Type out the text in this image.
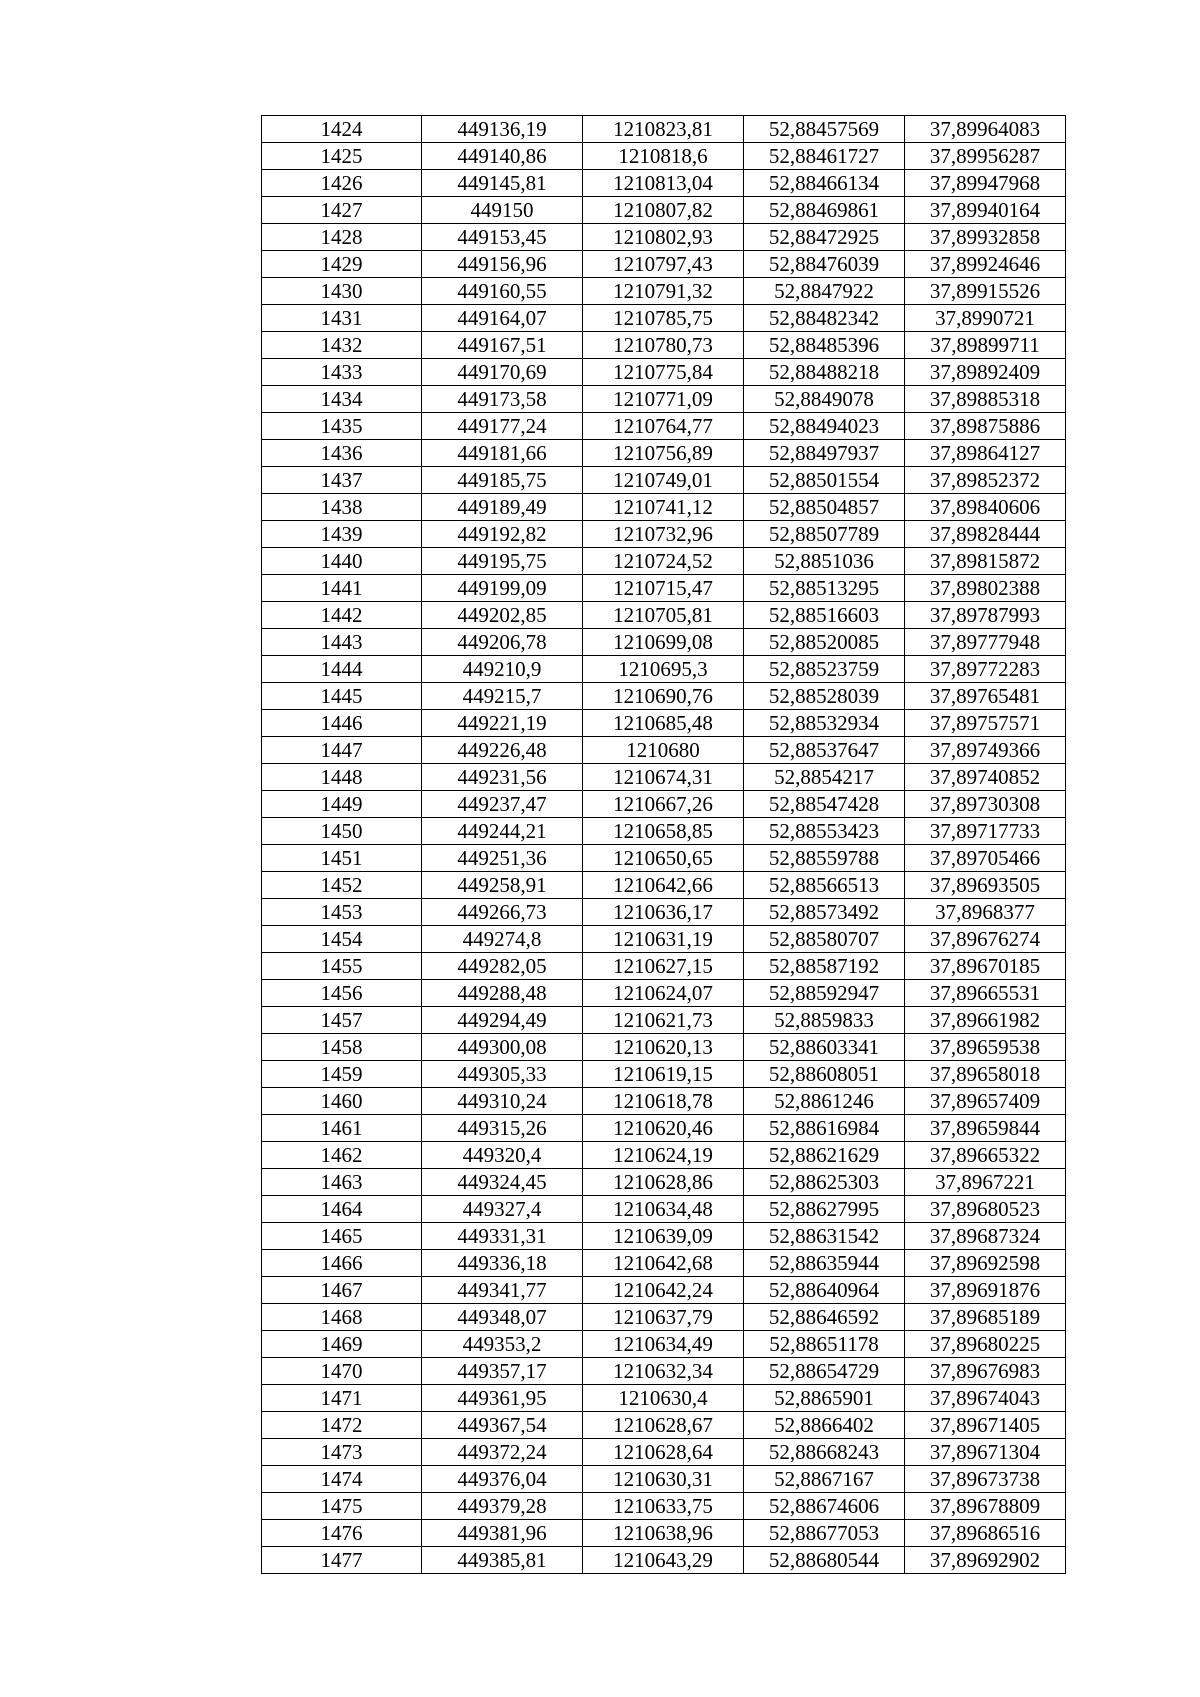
1424	449136,19	1210823,81	52,88457569	37,89964083
1425	449140,86	1210818,6	52,88461727	37,89956287
1426	449145,81	1210813,04	52,88466134	37,89947968
1427	449150	1210807,82	52,88469861	37,89940164
1428	449153,45	1210802,93	52,88472925	37,89932858
1429	449156,96	1210797,43	52,88476039	37,89924646
1430	449160,55	1210791,32	52,8847922	37,89915526
1431	449164,07	1210785,75	52,88482342	37,8990721
1432	449167,51	1210780,73	52,88485396	37,89899711
1433	449170,69	1210775,84	52,88488218	37,89892409
1434	449173,58	1210771,09	52,8849078	37,89885318
1435	449177,24	1210764,77	52,88494023	37,89875886
1436	449181,66	1210756,89	52,88497937	37,89864127
1437	449185,75	1210749,01	52,88501554	37,89852372
1438	449189,49	1210741,12	52,88504857	37,89840606
1439	449192,82	1210732,96	52,88507789	37,89828444
1440	449195,75	1210724,52	52,8851036	37,89815872
1441	449199,09	1210715,47	52,88513295	37,89802388
1442	449202,85	1210705,81	52,88516603	37,89787993
1443	449206,78	1210699,08	52,88520085	37,89777948
1444	449210,9	1210695,3	52,88523759	37,89772283
1445	449215,7	1210690,76	52,88528039	37,89765481
1446	449221,19	1210685,48	52,88532934	37,89757571
1447	449226,48	1210680	52,88537647	37,89749366
1448	449231,56	1210674,31	52,8854217	37,89740852
1449	449237,47	1210667,26	52,88547428	37,89730308
1450	449244,21	1210658,85	52,88553423	37,89717733
1451	449251,36	1210650,65	52,88559788	37,89705466
1452	449258,91	1210642,66	52,88566513	37,89693505
1453	449266,73	1210636,17	52,88573492	37,8968377
1454	449274,8	1210631,19	52,88580707	37,89676274
1455	449282,05	1210627,15	52,88587192	37,89670185
1456	449288,48	1210624,07	52,88592947	37,89665531
1457	449294,49	1210621,73	52,8859833	37,89661982
1458	449300,08	1210620,13	52,88603341	37,89659538
1459	449305,33	1210619,15	52,88608051	37,89658018
1460	449310,24	1210618,78	52,8861246	37,89657409
1461	449315,26	1210620,46	52,88616984	37,89659844
1462	449320,4	1210624,19	52,88621629	37,89665322
1463	449324,45	1210628,86	52,88625303	37,8967221
1464	449327,4	1210634,48	52,88627995	37,89680523
1465	449331,31	1210639,09	52,88631542	37,89687324
1466	449336,18	1210642,68	52,88635944	37,89692598
1467	449341,77	1210642,24	52,88640964	37,89691876
1468	449348,07	1210637,79	52,88646592	37,89685189
1469	449353,2	1210634,49	52,88651178	37,89680225
1470	449357,17	1210632,34	52,88654729	37,89676983
1471	449361,95	1210630,4	52,8865901	37,89674043
1472	449367,54	1210628,67	52,8866402	37,89671405
1473	449372,24	1210628,64	52,88668243	37,89671304
1474	449376,04	1210630,31	52,8867167	37,89673738
1475	449379,28	1210633,75	52,88674606	37,89678809
1476	449381,96	1210638,96	52,88677053	37,89686516
1477	449385,81	1210643,29	52,88680544	37,89692902
